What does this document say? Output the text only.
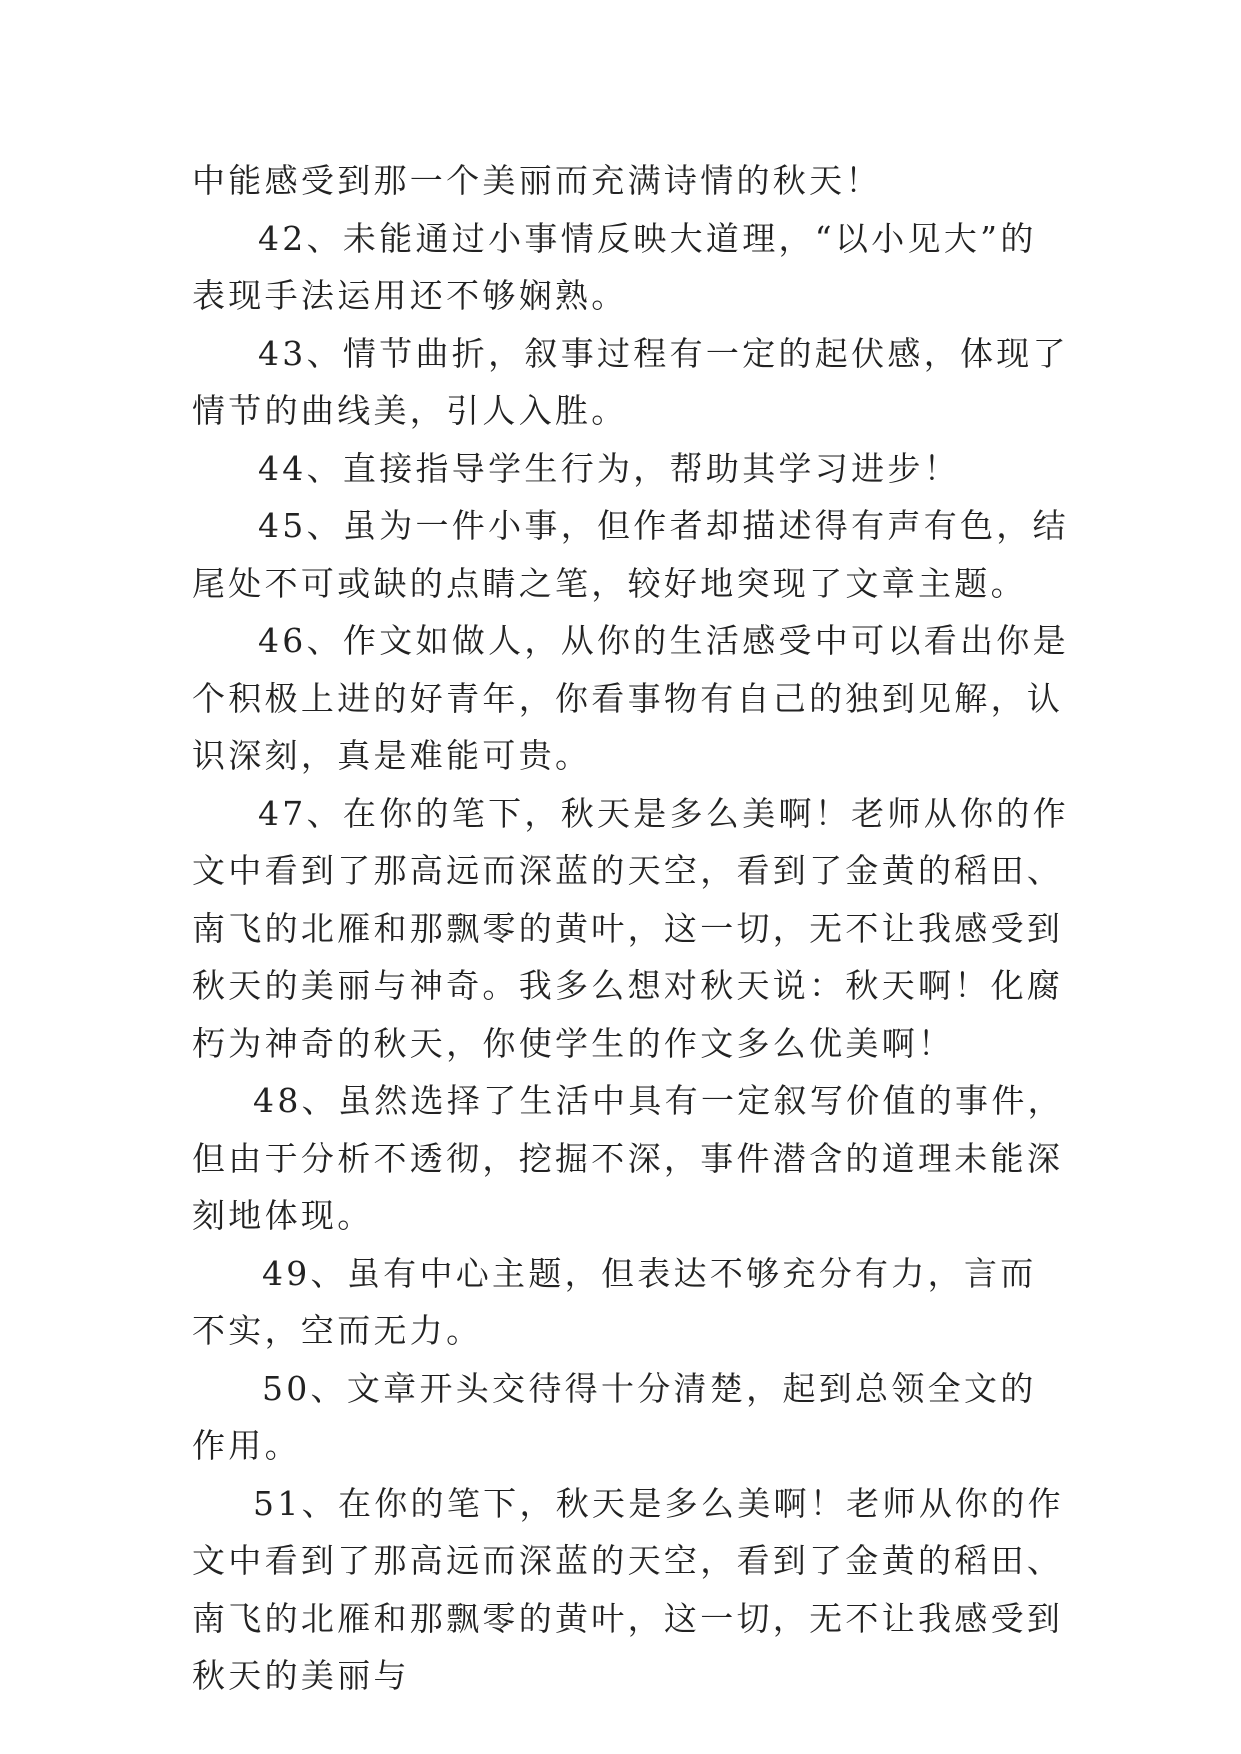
中能感受到那一个美丽而充满诗情的秋天！

42、未能通过小事情反映大道理，“以小见大”的表现手法运用还不够娴熟。

43、情节曲折，叙事过程有一定的起伏感，体现了情节的曲线美，引人入胜。

44、直接指导学生行为，帮助其学习进步！

45、虽为一件小事，但作者却描述得有声有色，结尾处不可或缺的点睛之笔，较好地突现了文章主题。

46、作文如做人，从你的生活感受中可以看出你是个积极上进的好青年，你看事物有自己的独到见解，认识深刻，真是难能可贵。

47、在你的笔下，秋天是多么美啊！老师从你的作文中看到了那高远而深蓝的天空，看到了金黄的稻田、南飞的北雁和那飘零的黄叶，这一切，无不让我感受到秋天的美丽与神奇。我多么想对秋天说：秋天啊！化腐朽为神奇的秋天，你使学生的作文多么优美啊！

48、虽然选择了生活中具有一定叙写价值的事件，但由于分析不透彻，挖掘不深，事件潜含的道理未能深刻地体现。

49、虽有中心主题，但表达不够充分有力，言而不实，空而无力。

50、文章开头交待得十分清楚，起到总领全文的作用。

51、在你的笔下，秋天是多么美啊！老师从你的作文中看到了那高远而深蓝的天空，看到了金黄的稻田、南飞的北雁和那飘零的黄叶，这一切，无不让我感受到秋天的美丽与
